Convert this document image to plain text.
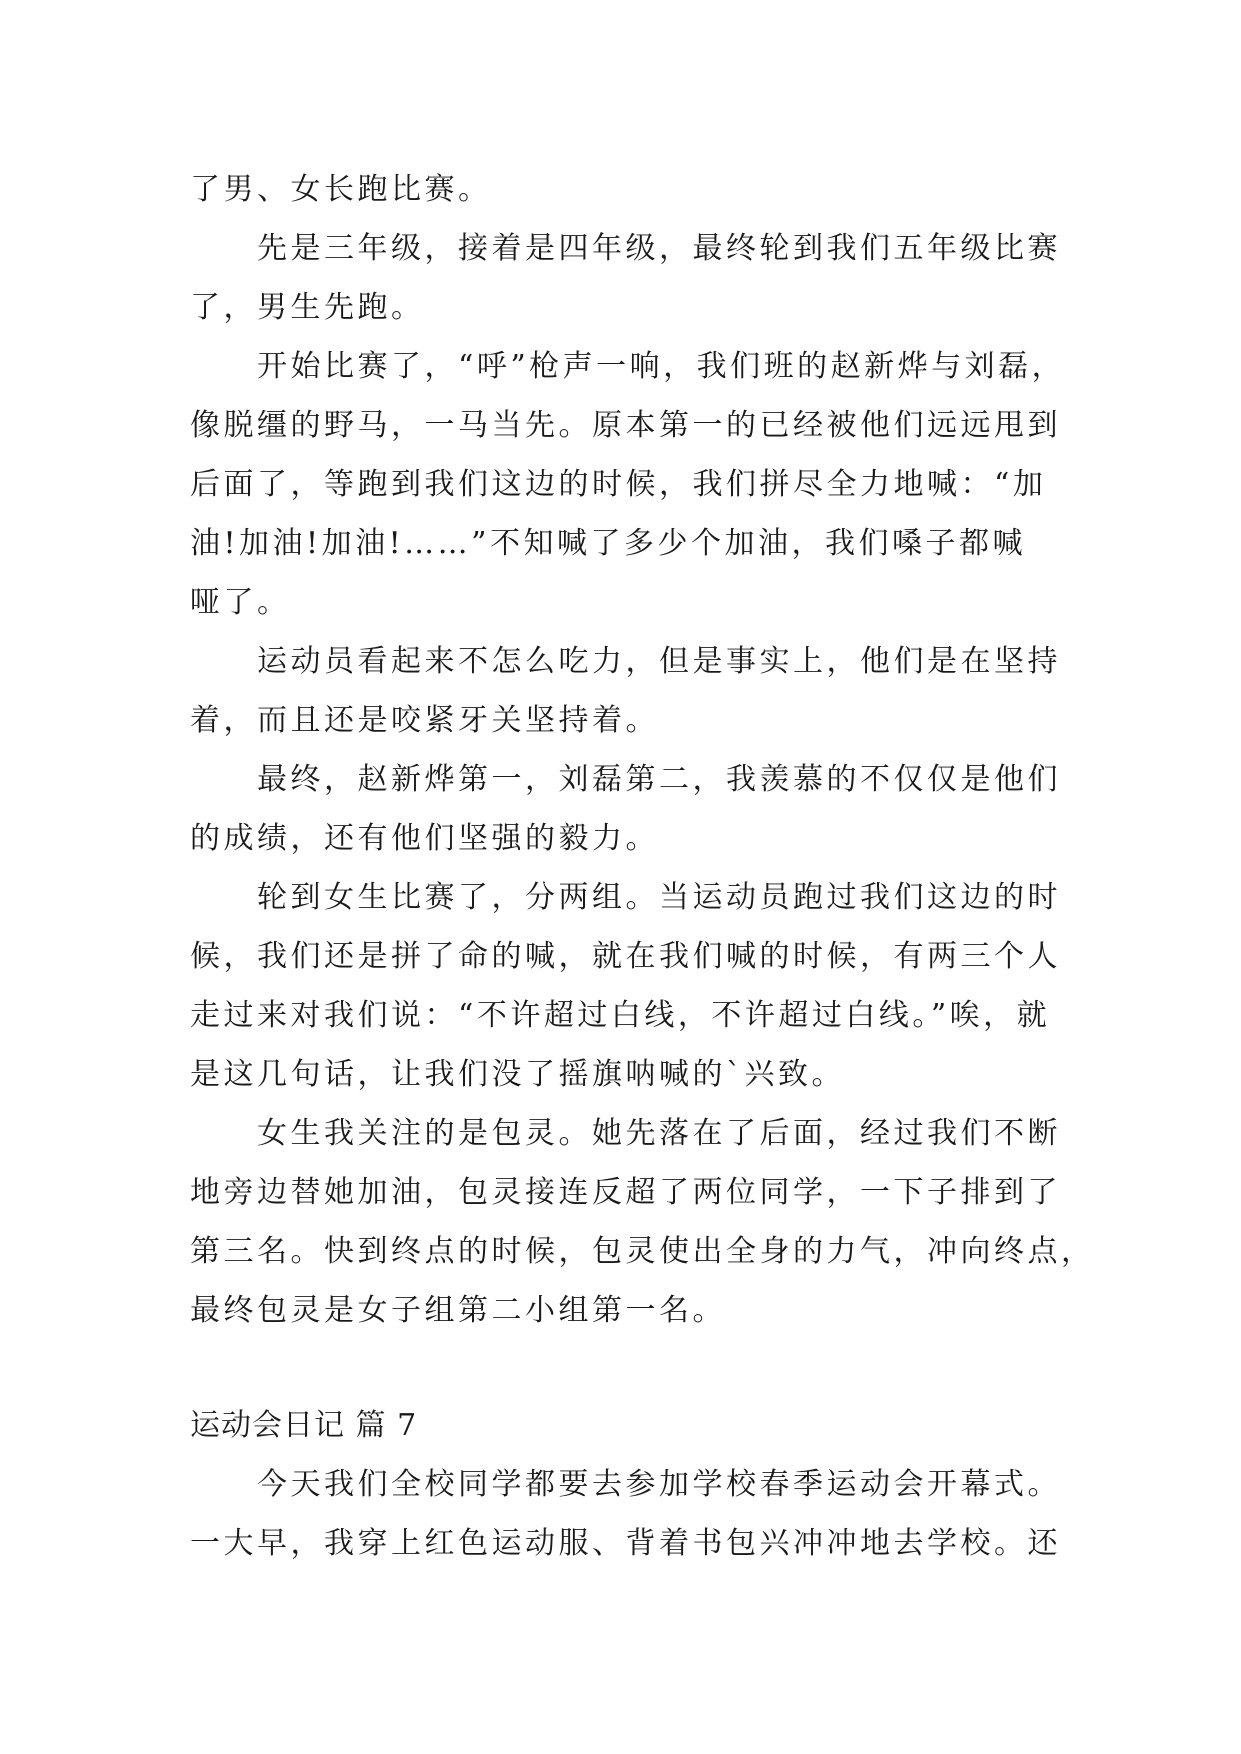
了男、女长跑比赛。

先是三年级，接着是四年级，最终轮到我们五年级比赛

了，男生先跑。

开始比赛了，“呼”枪声一响，我们班的赵新烨与刘磊，

像脱缰的野马，一马当先。原本第一的已经被他们远远甩到

后面了，等跑到我们这边的时候，我们拼尽全力地喊：“加

油!加油!加油!……”不知喊了多少个加油，我们嗓子都喊

哑了。

运动员看起来不怎么吃力，但是事实上，他们是在坚持

着，而且还是咬紧牙关坚持着。

最终，赵新烨第一，刘磊第二，我羡慕的不仅仅是他们

的成绩，还有他们坚强的毅力。

轮到女生比赛了，分两组。当运动员跑过我们这边的时

候，我们还是拼了命的喊，就在我们喊的时候，有两三个人

走过来对我们说：“不许超过白线，不许超过白线。”唉，就

是这几句话，让我们没了摇旗呐喊的`兴致。

女生我关注的是包灵。她先落在了后面，经过我们不断

地旁边替她加油，包灵接连反超了两位同学，一下子排到了

第三名。快到终点的时候，包灵使出全身的力气，冲向终点，

最终包灵是女子组第二小组第一名。

运动会日记 篇 7

今天我们全校同学都要去参加学校春季运动会开幕式。

一大早，我穿上红色运动服、背着书包兴冲冲地去学校。还
